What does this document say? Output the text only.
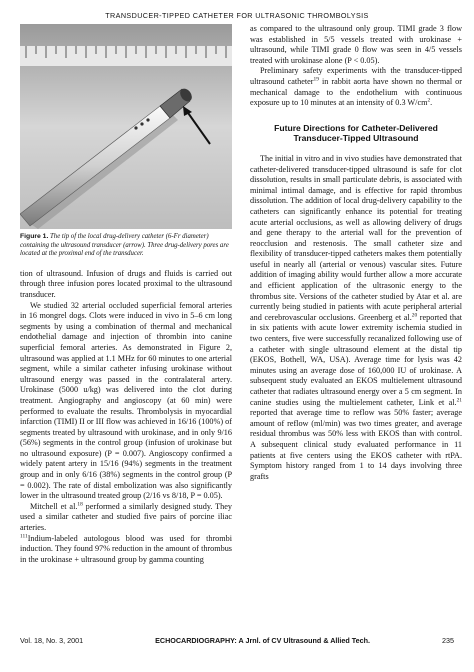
TRANSDUCER-TIPPED CATHETER FOR ULTRASONIC THROMBOLYSIS
Figure 1. The tip of the local drug-delivery catheter (6-Fr diameter) containing the ultrasound transducer (arrow). Three drug-delivery pores are located at the proximal end of the transducer.

tion of ultrasound. Infusion of drugs and fluids is carried out through three infusion pores located proximal to the ultrasound transducer.

We studied 32 arterial occluded superficial femoral arteries in 16 mongrel dogs. Clots were induced in vivo in 5–6 cm long segments by using a combination of thermal and mechanical endothelial damage and injection of thrombin into canine superficial femoral arteries. As demonstrated in Figure 2, ultrasound was applied at 1.1 MHz for 60 minutes to one arterial segment, while a similar catheter infusing urokinase without ultrasound energy was passed in the contralateral artery. Urokinase (5000 u/kg) was delivered into the clot during treatment. Angiography and angioscopy (at 60 min) were performed to evaluate the results. Thrombolysis in myocardial infarction (TIMI) II or III flow was achieved in 16/16 (100%) of segments treated by ultrasound with urokinase, and in only 9/16 (56%) segments in the control group (infusion of urokinase but no ultrasound exposure) (P = 0.007). Angioscopy confirmed a widely patent artery in 15/16 (94%) segments in the treatment group and in only 6/16 (38%) segments in the control group (P = 0.002). The rate of distal embolization was also significantly lower in the ultrasound treated group (2/16 vs 8/18, P = 0.05).

Mitchell et al.$^{18}$ performed a similarly designed study. They used a similar catheter and studied five pairs of porcine iliac arteries.
$^{111}$Indium-labeled autologous blood was used for thrombi induction. They found 97% reduction in the amount of thrombus in the urokinase + ultrasound group by gamma counting

as compared to the ultrasound only group. TIMI grade 3 flow was established in 5/5 vessels treated with urokinase + ultrasound, while TIMI grade 0 flow was seen in 4/5 vessels treated with urokinase alone (P < 0.05).

Preliminary safety experiments with the transducer-tipped ultrasound catheter$^{19}$ in rabbit aorta have shown no thermal or mechanical damage to the endothelium with continuous exposure up to 10 minutes at an intensity of 0.3 $W/cm^2$.

Future Directions for Catheter-Delivered Transducer-Tipped Ultrasound

The initial in vitro and in vivo studies have demonstrated that catheter-delivered transducer-tipped ultrasound is safe for clot dissolution, results in small particulate debris, is associated with minimal intimal damage, and is effective for rapid thrombus dissolution. The addition of local drug-delivery capability to the catheters can significantly enhance its potential for treating acute arterial occlusions, as well as allowing delivery of drugs and gene therapy to the arterial wall for the prevention of reocclusion and restenosis. The small catheter size and flexibility of transducer-tipped catheters makes them potentially useful in nearly all (arterial or venous) vascular sites. Future addition of imaging ability would further allow a more accurate and efficient application of the ultrasonic energy to the thrombus site. Versions of the catheter studied by Atar et al. are currently being studied in patients with acute peripheral arterial and cerebrovascular occlusions. Greenberg et al.$^{20}$ reported that in six patients with acute lower extremity ischemia studied in two centers, five were successfully recanalized following use of a catheter with single ultrasound element at the distal tip (EKOS, Bothell, WA, USA). Average time for lysis was 42 minutes using an average dose of 160,000 IU of urokinase. A subsequent study evaluated an EKOS multielement ultrasound catheter that radiates ultrasound energy over a 5 cm segment. In canine studies using the multielement catheter, Link et al.$^{21}$ reported that average time to reflow was 50% faster; average amount of reflow (ml/min) was two times greater, and average residual thrombus was 50% less with EKOS than with control. A subsequent clinical study evaluated performance in 11 patients at five centers using the EKOS catheter with rtPA. Symptom history ranged from 1 to 14 days involving three grafts

Vol. 18, No. 3, 2001	ECHOCARDIOGRAPHY: A Jrnl. of CV Ultrasound & Allied Tech.	235
